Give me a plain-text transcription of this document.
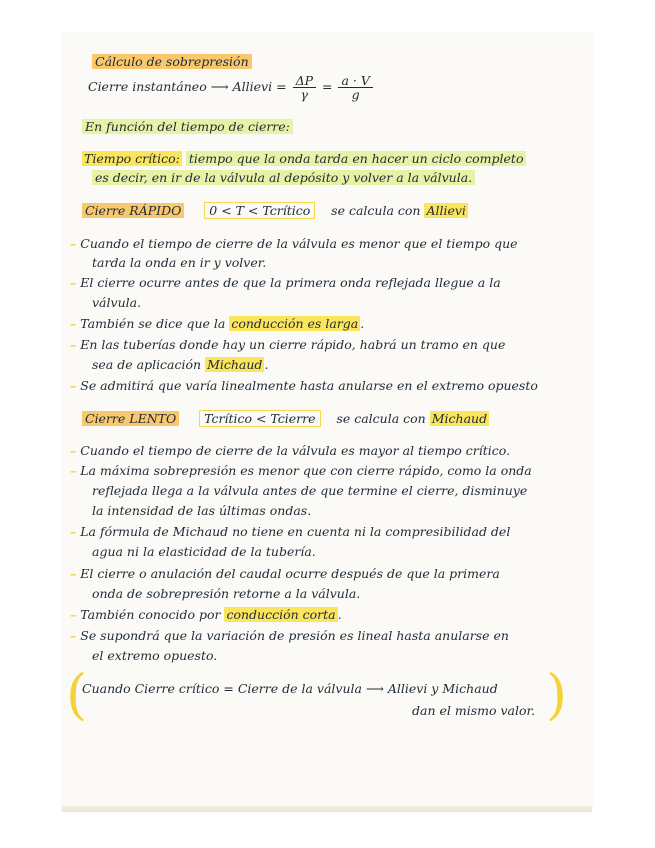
Cálculo de sobrepresión
Cierre instantáneo ⟶ Allievi = $\frac{\Delta P}{\gamma} = \frac{a \cdot V}{g}$
En función del tiempo de cierre:
Tiempo crítico: tiempo que la onda tarda en hacer un ciclo completo
es decir, en ir de la válvula al depósito y volver a la válvula.
Cierre RÁPIDO 0 < T < Tcrítico se calcula con Allievi
– Cuando el tiempo de cierre de la válvula es menor que el tiempo que
tarda la onda en ir y volver.
– El cierre ocurre antes de que la primera onda reflejada llegue a la
válvula.
– También se dice que la conducción es larga .
– En las tuberías donde hay un cierre rápido, habrá un tramo en que
sea de aplicación Michaud .
– Se admitirá que varía linealmente hasta anularse en el extremo opuesto
Cierre LENTO Tcrítico < Tcierre se calcula con Michaud
– Cuando el tiempo de cierre de la válvula es mayor al tiempo crítico.
– La máxima sobrepresión es menor que con cierre rápido, como la onda
reflejada llega a la válvula antes de que termine el cierre, disminuye
la intensidad de las últimas ondas.
– La fórmula de Michaud no tiene en cuenta ni la compresibilidad del
agua ni la elasticidad de la tubería.
– El cierre o anulación del caudal ocurre después de que la primera
onda de sobrepresión retorne a la válvula.
– También conocido por conducción corta .
– Se supondrá que la variación de presión es lineal hasta anularse en
el extremo opuesto.
(	)
Cuando Cierre crítico = Cierre de la válvula ⟶ Allievi y Michaud
dan el mismo valor.
